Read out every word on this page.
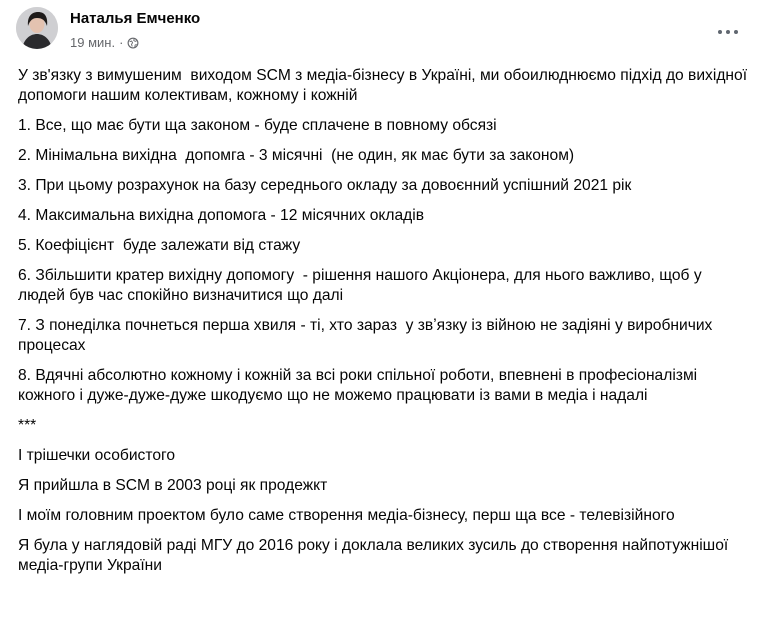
Наталья Емченко
19 мин. ·

У зв'язку з вимушеним  виходом SCM з медіа-бізнесу в Україні, ми обоилюднюємо підхід до вихідної допомоги нашим колективам, кожному і кожній

1. Все, що має бути ща законом - буде сплачене в повному обсязі

2. Мінімальна вихідна  допомга - 3 місячні  (не один, як має бути за законом)

3. При цьому розрахунок на базу середнього окладу за довоєнний успішний 2021 рік

4. Максимальна вихідна допомога - 12 місячних окладів

5. Коефіцієнт  буде залежати від стажу

6. Збільшити кратер вихідну допомогу  - рішення нашого Акціонера, для нього важливо, щоб у людей був час спокійно визначитися що далі

7. З понеділка почнеться перша хвиля - ті, хто зараз  у звʼязку із війною не задіяні у виробничих процесах

8. Вдячні абсолютно кожному і кожній за всі роки спільної роботи, впевнені в професіоналізмі кожного і дуже-дуже-дуже шкодуємо що не можемо працювати із вами в медіа і надалі

***

І трішечки особистого

Я прийшла в SCM в 2003 році як продежкт

І моїм головним проектом було саме створення медіа-бізнесу, перш ща все - телевізійного

Я була у наглядовій раді МГУ до 2016 року і доклала великих зусиль до створення найпотужнішої медіа-групи України
